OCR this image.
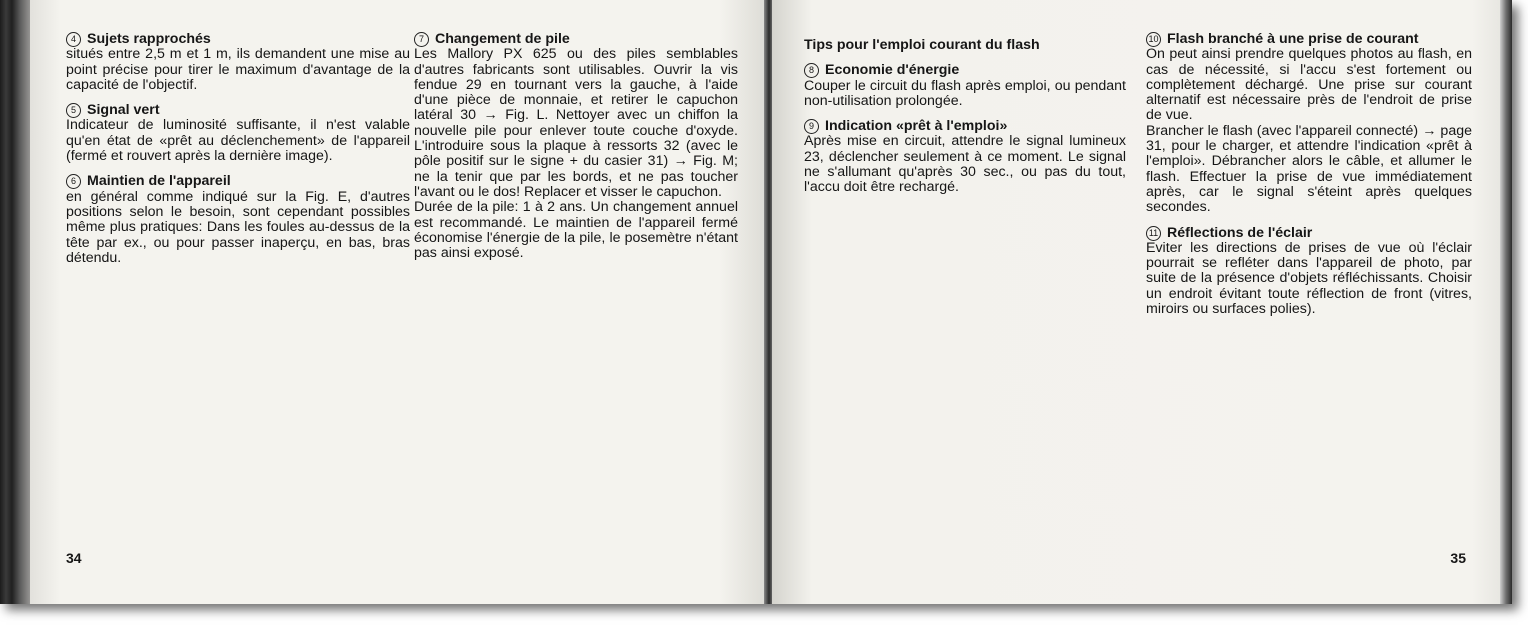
4 Sujets rapprochés
situés entre 2,5 m et 1 m, ils demandent une mise au point précise pour tirer le maximum d'avantage de la capacité de l'objectif.
5 Signal vert
Indicateur de luminosité suffisante, il n'est valable qu'en état de «prêt au déclenchement» de l'appareil (fermé et rouvert après la dernière image).
6 Maintien de l'appareil
en général comme indiqué sur la Fig. E, d'autres positions selon le besoin, sont cependant possibles même plus pratiques: Dans les foules au-dessus de la tête par ex., ou pour passer inaperçu, en bas, bras détendu.
7 Changement de pile
Les Mallory PX 625 ou des piles semblables d'autres fabricants sont utilisables. Ouvrir la vis fendue 29 en tournant vers la gauche, à l'aide d'une pièce de monnaie, et retirer le capuchon latéral 30 → Fig. L. Nettoyer avec un chiffon la nouvelle pile pour enlever toute couche d'oxyde. L'introduire sous la plaque à ressorts 32 (avec le pôle positif sur le signe + du casier 31) → Fig. M; ne la tenir que par les bords, et ne pas toucher l'avant ou le dos! Replacer et visser le capuchon.
Durée de la pile: 1 à 2 ans. Un changement annuel est recommandé. Le maintien de l'appareil fermé économise l'énergie de la pile, le posemètre n'étant pas ainsi exposé.
34
Tips pour l'emploi courant du flash
8 Economie d'énergie
Couper le circuit du flash après emploi, ou pendant non-utilisation prolongée.
9 Indication «prêt à l'emploi»
Après mise en circuit, attendre le signal lumineux 23, déclencher seulement à ce moment. Le signal ne s'allumant qu'après 30 sec., ou pas du tout, l'accu doit être rechargé.
10 Flash branché à une prise de courant
On peut ainsi prendre quelques photos au flash, en cas de nécessité, si l'accu s'est fortement ou complètement déchargé. Une prise sur courant alternatif est nécessaire près de l'endroit de prise de vue.
Brancher le flash (avec l'appareil connecté) → page 31, pour le charger, et attendre l'indication «prêt à l'emploi». Débrancher alors le câble, et allumer le flash. Effectuer la prise de vue immédiatement après, car le signal s'éteint après quelques secondes.
11 Réflections de l'éclair
Eviter les directions de prises de vue où l'éclair pourrait se refléter dans l'appareil de photo, par suite de la présence d'objets réfléchissants. Choisir un endroit évitant toute réflection de front (vitres, miroirs ou surfaces polies).
35
